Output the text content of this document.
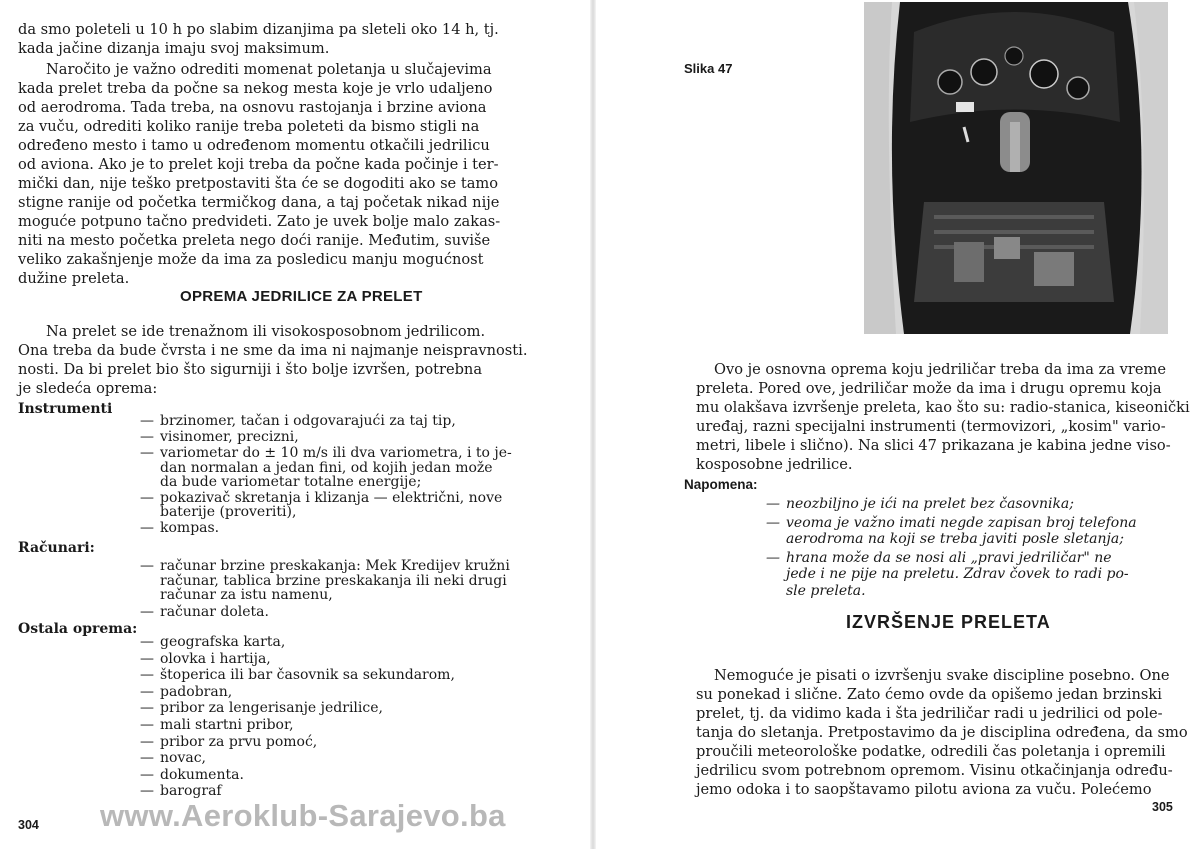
da smo poleteli u 10 h po slabim dizanjima pa sleteli oko 14 h, tj.
kada jačine dizanja imaju svoj maksimum.
Naročito je važno odrediti momenat poletanja u slučajevima
kada prelet treba da počne sa nekog mesta koje je vrlo udaljeno
od aerodroma. Tada treba, na osnovu rastojanja i brzine aviona
za vuču, odrediti koliko ranije treba poleteti da bismo stigli na
određeno mesto i tamo u određenom momentu otkačili jedrilicu
od aviona. Ako je to prelet koji treba da počne kada počinje i ter-
mički dan, nije teško pretpostaviti šta će se dogoditi ako se tamo
stigne ranije od početka termičkog dana, a taj početak nikad nije
moguće potpuno tačno predvideti. Zato je uvek bolje malo zakas-
niti na mesto početka preleta nego doći ranije. Međutim, suviše
veliko zakašnjenje može da ima za posledicu manju mogućnost
dužine preleta.
OPREMA JEDRILICE ZA PRELET
Na prelet se ide trenažnom ili visokosposobnom jedrilicom.
Ona treba da bude čvrsta i ne sme da ima ni najmanje neispravnosti.
nosti. Da bi prelet bio što sigurniji i što bolje izvršen, potrebna
je sledeća oprema:
Instrumenti
— brzinomer, tačan i odgovarajući za taj tip,
— visinomer, precizni,
— variometar do ± 10 m/s ili dva variometra, i to je-
dan normalan a jedan fini, od kojih jedan može
da bude variometar totalne energije;
— pokazivač skretanja i klizanja — električni, nove
baterije (proveriti),
— kompas.
Računari:
— računar brzine preskakanja: Mek Kredijev kružni
računar, tablica brzine preskakanja ili neki drugi
računar za istu namenu,
— računar doleta.
Ostala oprema:
— geografska karta,
— olovka i hartija,
— štoperica ili bar časovnik sa sekundarom,
— padobran,
— pribor za lengerisanje jedrilice,
— mali startni pribor,
— pribor za prvu pomoć,
— novac,
— dokumenta.
— barograf
304
Slika 47
Ovo je osnovna oprema koju jedriličar treba da ima za vreme
preleta. Pored ove, jedriličar može da ima i drugu opremu koja
mu olakšava izvršenje preleta, kao što su: radio-stanica, kiseonički
uređaj, razni specijalni instrumenti (termovizori, „kosim" vario-
metri, libele i slično). Na slici 47 prikazana je kabina jedne viso-
kosposobne jedrilice.
Napomena:
— neozbiljno je ići na prelet bez časovnika;
— veoma je važno imati negde zapisan broj telefona
aerodroma na koji se treba javiti posle sletanja;
— hrana može da se nosi ali „pravi jedriličar" ne
jede i ne pije na preletu. Zdrav čovek to radi po-
sle preleta.
IZVRŠENJE PRELETA
Nemoguće je pisati o izvršenju svake discipline posebno. One
su ponekad i slične. Zato ćemo ovde da opišemo jedan brzinski
prelet, tj. da vidimo kada i šta jedriličar radi u jedrilici od pole-
tanja do sletanja. Pretpostavimo da je disciplina određena, da smo
proučili meteorološke podatke, odredili čas poletanja i opremili
jedrilicu svom potrebnom opremom. Visinu otkačinjanja određu-
jemo odoka i to saopštavamo pilotu aviona za vuču. Polećemo
305
www.Aeroklub-Sarajevo.ba
